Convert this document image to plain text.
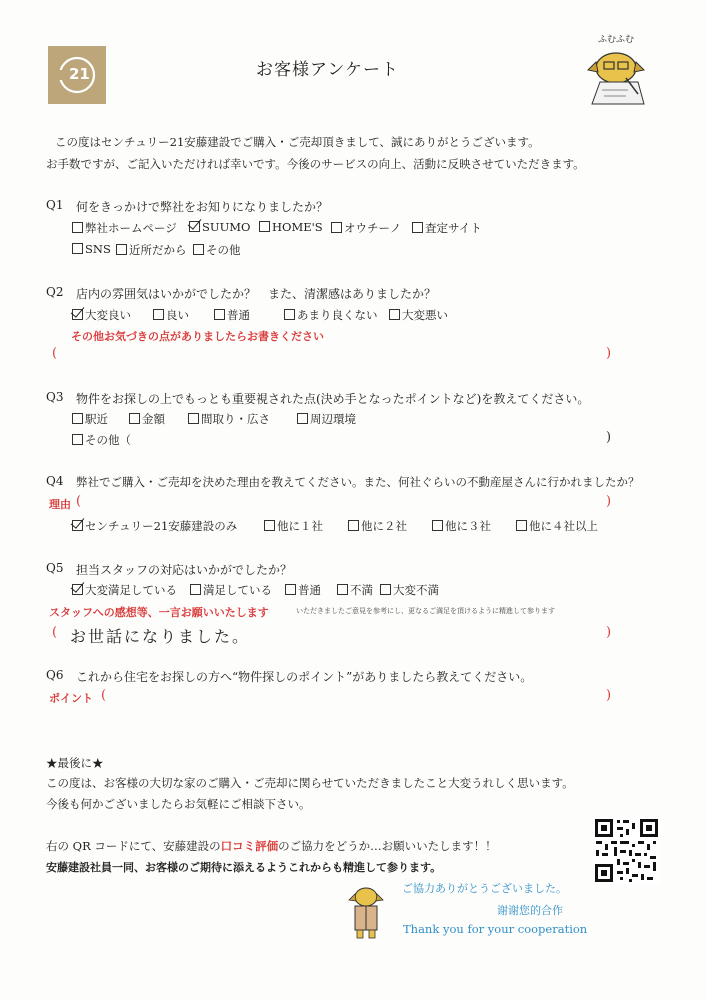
21	お客様アンケート
ふむふむ
この度はセンチュリー21安藤建設でご購入・ご売却頂きまして、誠にありがとうございます。
お手数ですが、ご記入いただければ幸いです。今後のサービスの向上、活動に反映させていただきます。
Q1 何をきっかけで弊社をお知りになりましたか？
弊社ホームページ	SUUMO	HOME'S	オウチーノ	査定サイト
SNS	近所だから	その他
Q2 店内の雰囲気はいかがでしたか？　また、清潔感はありましたか？
大変良い	良い	普通	あまり良くない	大変悪い
その他お気づきの点がありましたらお書きください
(	)
Q3 物件をお探しの上でもっとも重要視された点(決め手となったポイントなど)を教えてください。
駅近	金額	間取り・広さ	周辺環境
その他（	)
Q4 弊社でご購入・ご売却を決めた理由を教えてください。また、何社ぐらいの不動産屋さんに行かれましたか？
理由 (	)
センチュリー21安藤建設のみ	他に１社	他に２社	他に３社	他に４社以上
Q5 担当スタッフの対応はいかがでしたか？
大変満足している	満足している	普通	不満	大変不満
スタッフへの感想等、一言お願いいたします	いただきましたご意見を参考にし、更なるご満足を頂けるように精進して参ります
(	)
お世話になりました。
Q6 これから住宅をお探しの方へ“物件探しのポイント”がありましたら教えてください。
ポイント (	)
★最後に★
この度は、お客様の大切な家のご購入・ご売却に関らせていただきましたこと大変うれしく思います。
今後も何かございましたらお気軽にご相談下さい。
右の QR コードにて、安藤建設の口コミ評価のご協力をどうか…お願いいたします！！
安藤建設社員一同、お客様のご期待に添えるようこれからも精進して参ります。
ご協力ありがとうございました。
谢谢您的合作
Thank you for your cooperation
